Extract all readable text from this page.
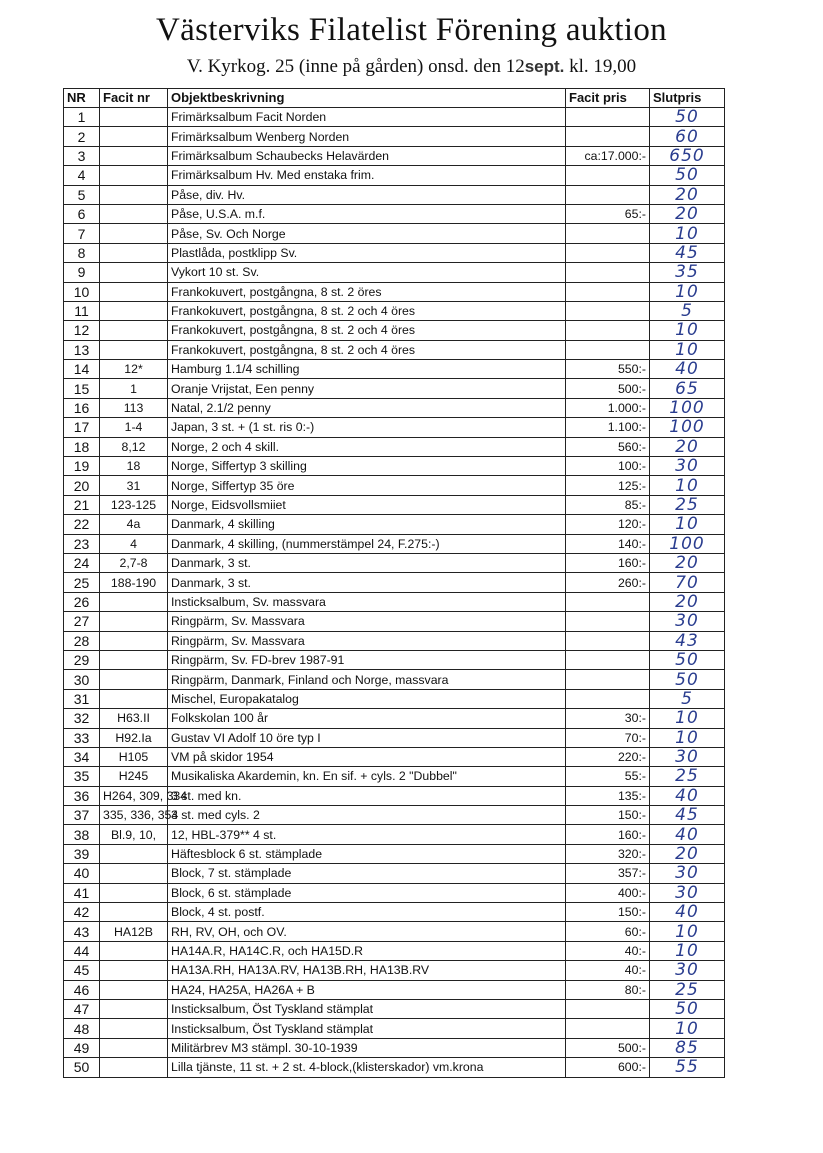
Västerviks Filatelist Förening auktion
V. Kyrkog. 25 (inne på gården) onsd. den 12sept. kl. 19,00
NR	Facit nr	Objektbeskrivning	Facit pris	Slutpris
1		Frimärksalbum Facit Norden		50
2		Frimärksalbum Wenberg Norden		60
3		Frimärksalbum Schaubecks Helavärden	ca:17.000:-	650
4		Frimärksalbum Hv. Med enstaka frim.		50
5		Påse, div. Hv.		20
6		Påse, U.S.A. m.f.	65:-	20
7		Påse, Sv. Och Norge		10
8		Plastlåda, postklipp Sv.		45
9		Vykort 10 st. Sv.		35
10		Frankokuvert, postgångna, 8 st. 2 öres		10
11		Frankokuvert, postgångna, 8 st. 2 och 4 öres		5
12		Frankokuvert, postgångna, 8 st. 2 och 4 öres		10
13		Frankokuvert, postgångna, 8 st. 2 och 4 öres		10
14	12*	Hamburg 1.1/4 schilling	550:-	40
15	1	Oranje Vrijstat, Een penny	500:-	65
16	113	Natal, 2.1/2 penny	1.000:-	100
17	1-4	Japan, 3 st. + (1 st. ris 0:-)	1.100:-	100
18	8,12	Norge, 2 och 4 skill.	560:-	20
19	18	Norge, Siffertyp 3 skilling	100:-	30
20	31	Norge, Siffertyp 35 öre	125:-	10
21	123-125	Norge, Eidsvollsmiiet	85:-	25
22	4a	Danmark, 4 skilling	120:-	10
23	4	Danmark, 4 skilling, (nummerstämpel 24, F.275:-)	140:-	100
24	2,7-8	Danmark, 3 st.	160:-	20
25	188-190	Danmark, 3 st.	260:-	70
26		Insticksalbum, Sv. massvara		20
27		Ringpärm, Sv. Massvara		30
28		Ringpärm, Sv. Massvara		43
29		Ringpärm, Sv. FD-brev 1987-91		50
30		Ringpärm, Danmark, Finland och Norge, massvara		50
31		Mischel, Europakatalog		5
32	H63.II	Folkskolan 100 år	30:-	10
33	H92.Ia	Gustav VI Adolf 10 öre typ I	70:-	10
34	H105	VM på skidor 1954	220:-	30
35	H245	Musikaliska Akardemin, kn. En sif. + cyls. 2 "Dubbel"	55:-	25
36	H264, 309, 334	3 st. med kn.	135:-	40
37	335, 336, 354	3 st. med cyls. 2	150:-	45
38	Bl.9, 10,	12, HBL-379** 4 st.	160:-	40
39		Häftesblock 6 st. stämplade	320:-	20
40		Block, 7 st. stämplade	357:-	30
41		Block, 6 st. stämplade	400:-	30
42		Block, 4 st. postf.	150:-	40
43	HA12B	RH, RV, OH, och OV.	60:-	10
44		HA14A.R, HA14C.R, och HA15D.R	40:-	10
45		HA13A.RH, HA13A.RV, HA13B.RH, HA13B.RV	40:-	30
46		HA24, HA25A, HA26A + B	80:-	25
47		Insticksalbum, Öst Tyskland stämplat		50
48		Insticksalbum, Öst Tyskland stämplat		10
49		Militärbrev M3 stämpl. 30-10-1939	500:-	85
50		Lilla tjänste, 11 st. + 2 st. 4-block,(klisterskador) vm.krona	600:-	55
